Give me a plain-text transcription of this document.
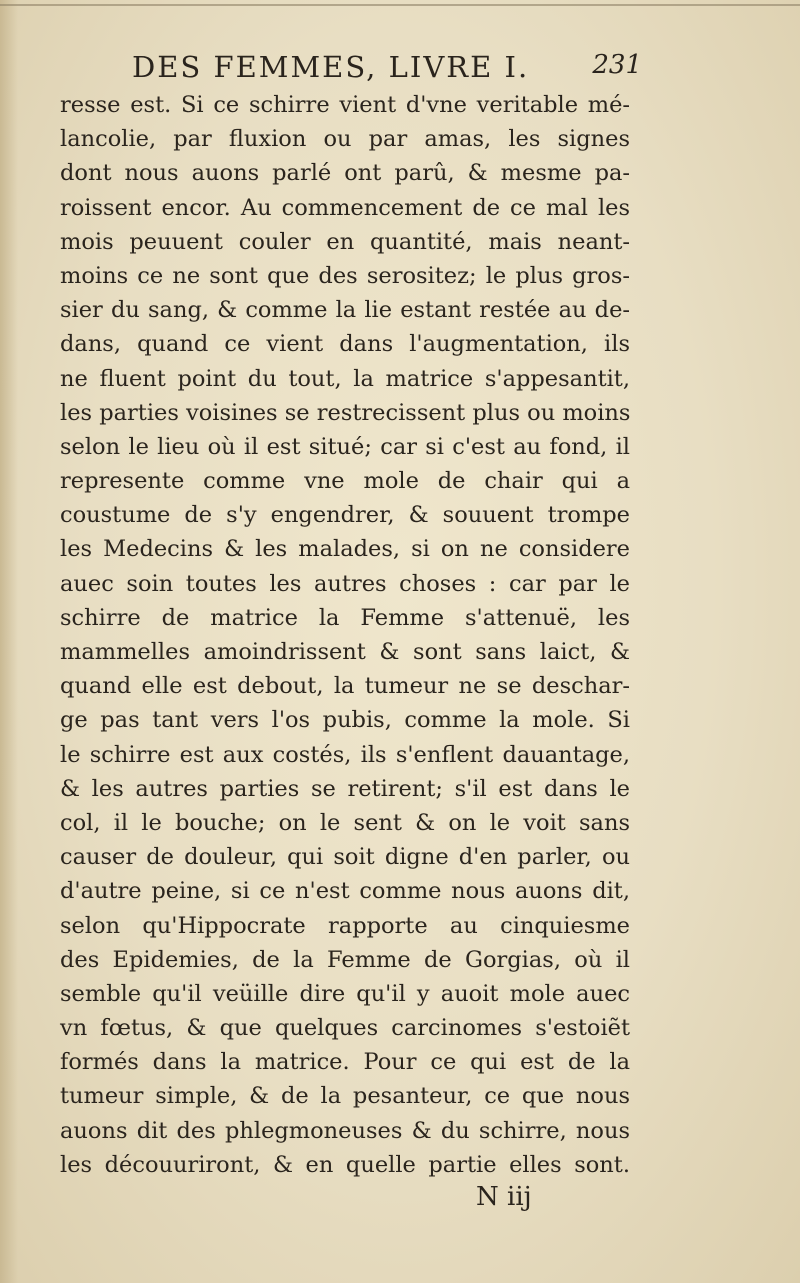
DES FEMMES, LIVRE I. 231
resse est. Si ce schirre vient d'vne veritable mé-
lancolie, par fluxion ou par amas, les signes
dont nous auons parlé ont parû, & mesme pa-
roissent encor. Au commencement de ce mal les
mois peuuent couler en quantité, mais neant-
moins ce ne sont que des serositez; le plus gros-
sier du sang, & comme la lie estant restée au de-
dans, quand ce vient dans l'augmentation, ils
ne fluent point du tout, la matrice s'appesantit,
les parties voisines se restrecissent plus ou moins
selon le lieu où il est situé; car si c'est au fond, il
represente comme vne mole de chair qui a
coustume de s'y engendrer, & souuent trompe
les Medecins & les malades, si on ne considere
auec soin toutes les autres choses : car par le
schirre de matrice la Femme s'attenuë, les
mammelles amoindrissent & sont sans laict, &
quand elle est debout, la tumeur ne se deschar-
ge pas tant vers l'os pubis, comme la mole. Si
le schirre est aux costés, ils s'enflent dauantage,
& les autres parties se retirent; s'il est dans le
col, il le bouche; on le sent & on le voit sans
causer de douleur, qui soit digne d'en parler, ou
d'autre peine, si ce n'est comme nous auons dit,
selon qu'Hippocrate rapporte au cinquiesme
des Epidemies, de la Femme de Gorgias, où il
semble qu'il veüille dire qu'il y auoit mole auec
vn fœtus, & que quelques carcinomes s'estoiẽt
formés dans la matrice. Pour ce qui est de la
tumeur simple, & de la pesanteur, ce que nous
auons dit des phlegmoneuses & du schirre, nous
les découuriront, & en quelle partie elles sont.
N iij
